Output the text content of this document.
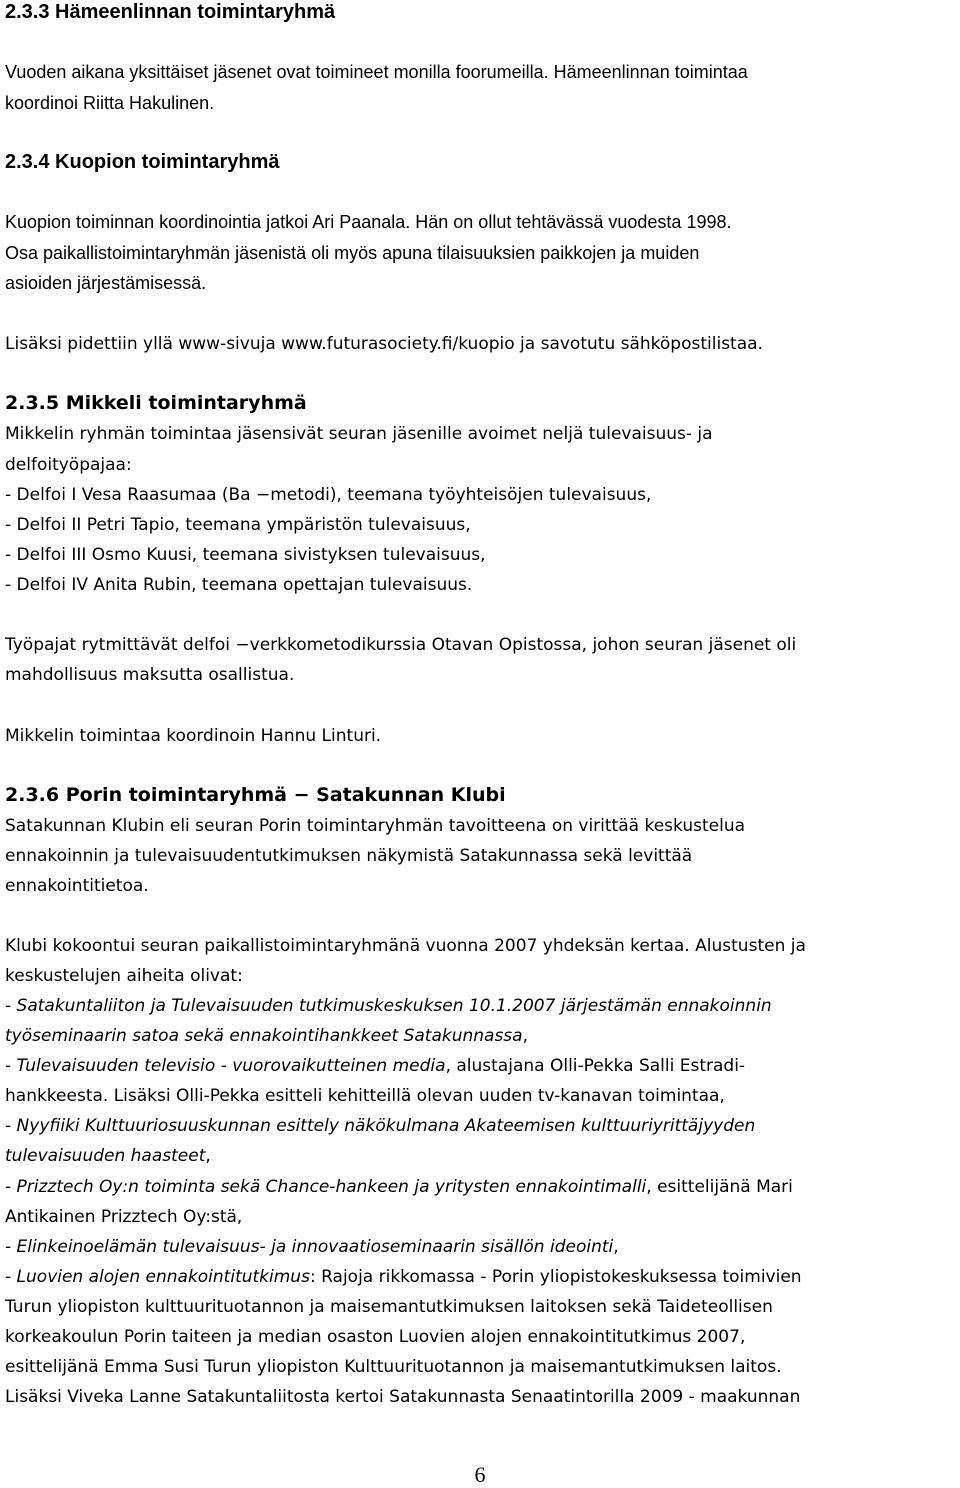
2.3.3 Hämeenlinnan toimintaryhmä
Vuoden aikana yksittäiset jäsenet ovat toimineet monilla foorumeilla. Hämeenlinnan toimintaa
koordinoi Riitta Hakulinen.
2.3.4 Kuopion toimintaryhmä
Kuopion toiminnan koordinointia jatkoi Ari Paanala. Hän on ollut tehtävässä vuodesta 1998.
Osa paikallistoimintaryhmän jäsenistä oli myös apuna tilaisuuksien paikkojen ja muiden
asioiden järjestämisessä.
Lisäksi pidettiin yllä www-sivuja www.futurasociety.fi/kuopio ja savotutu sähköpostilistaa.
2.3.5 Mikkeli toimintaryhmä
Mikkelin ryhmän toimintaa jäsensivät seuran jäsenille avoimet neljä tulevaisuus- ja
delfoityöpajaa:
- Delfoi I Vesa Raasumaa (Ba −metodi), teemana työyhteisöjen tulevaisuus,
- Delfoi II Petri Tapio, teemana ympäristön tulevaisuus,
- Delfoi III Osmo Kuusi, teemana sivistyksen tulevaisuus,
- Delfoi IV Anita Rubin, teemana opettajan tulevaisuus.
Työpajat rytmittävät delfoi −verkkometodikurssia Otavan Opistossa, johon seuran jäsenet oli
mahdollisuus maksutta osallistua.
Mikkelin toimintaa koordinoin Hannu Linturi.
2.3.6 Porin toimintaryhmä − Satakunnan Klubi
Satakunnan Klubin eli seuran Porin toimintaryhmän tavoitteena on virittää keskustelua
ennakoinnin ja tulevaisuudentutkimuksen näkymistä Satakunnassa sekä levittää
ennakointitietoa.
Klubi kokoontui seuran paikallistoimintaryhmänä vuonna 2007 yhdeksän kertaa. Alustusten ja
keskustelujen aiheita olivat:
- Satakuntaliiton ja Tulevaisuuden tutkimuskeskuksen 10.1.2007 järjestämän ennakoinnin
työseminaarin satoa sekä ennakointihankkeet Satakunnassa,
- Tulevaisuuden televisio - vuorovaikutteinen media, alustajana Olli-Pekka Salli Estradi-
hankkeesta. Lisäksi Olli-Pekka esitteli kehitteillä olevan uuden tv-kanavan toimintaa,
- Nyyfiiki Kulttuuriosuuskunnan esittely näkökulmana Akateemisen kulttuuriyrittäjyyden
tulevaisuuden haasteet,
- Prizztech Oy:n toiminta sekä Chance-hankeen ja yritysten ennakointimalli, esittelijänä Mari
Antikainen Prizztech Oy:stä,
- Elinkeinoelämän tulevaisuus- ja innovaatioseminaarin sisällön ideointi,
- Luovien alojen ennakointitutkimus: Rajoja rikkomassa - Porin yliopistokeskuksessa toimivien
Turun yliopiston kulttuurituotannon ja maisemantutkimuksen laitoksen sekä Taideteollisen
korkeakoulun Porin taiteen ja median osaston Luovien alojen ennakointitutkimus 2007,
esittelijänä Emma Susi Turun yliopiston Kulttuurituotannon ja maisemantutkimuksen laitos.
Lisäksi Viveka Lanne Satakuntaliitosta kertoi Satakunnasta Senaatintorilla 2009 - maakunnan
6
